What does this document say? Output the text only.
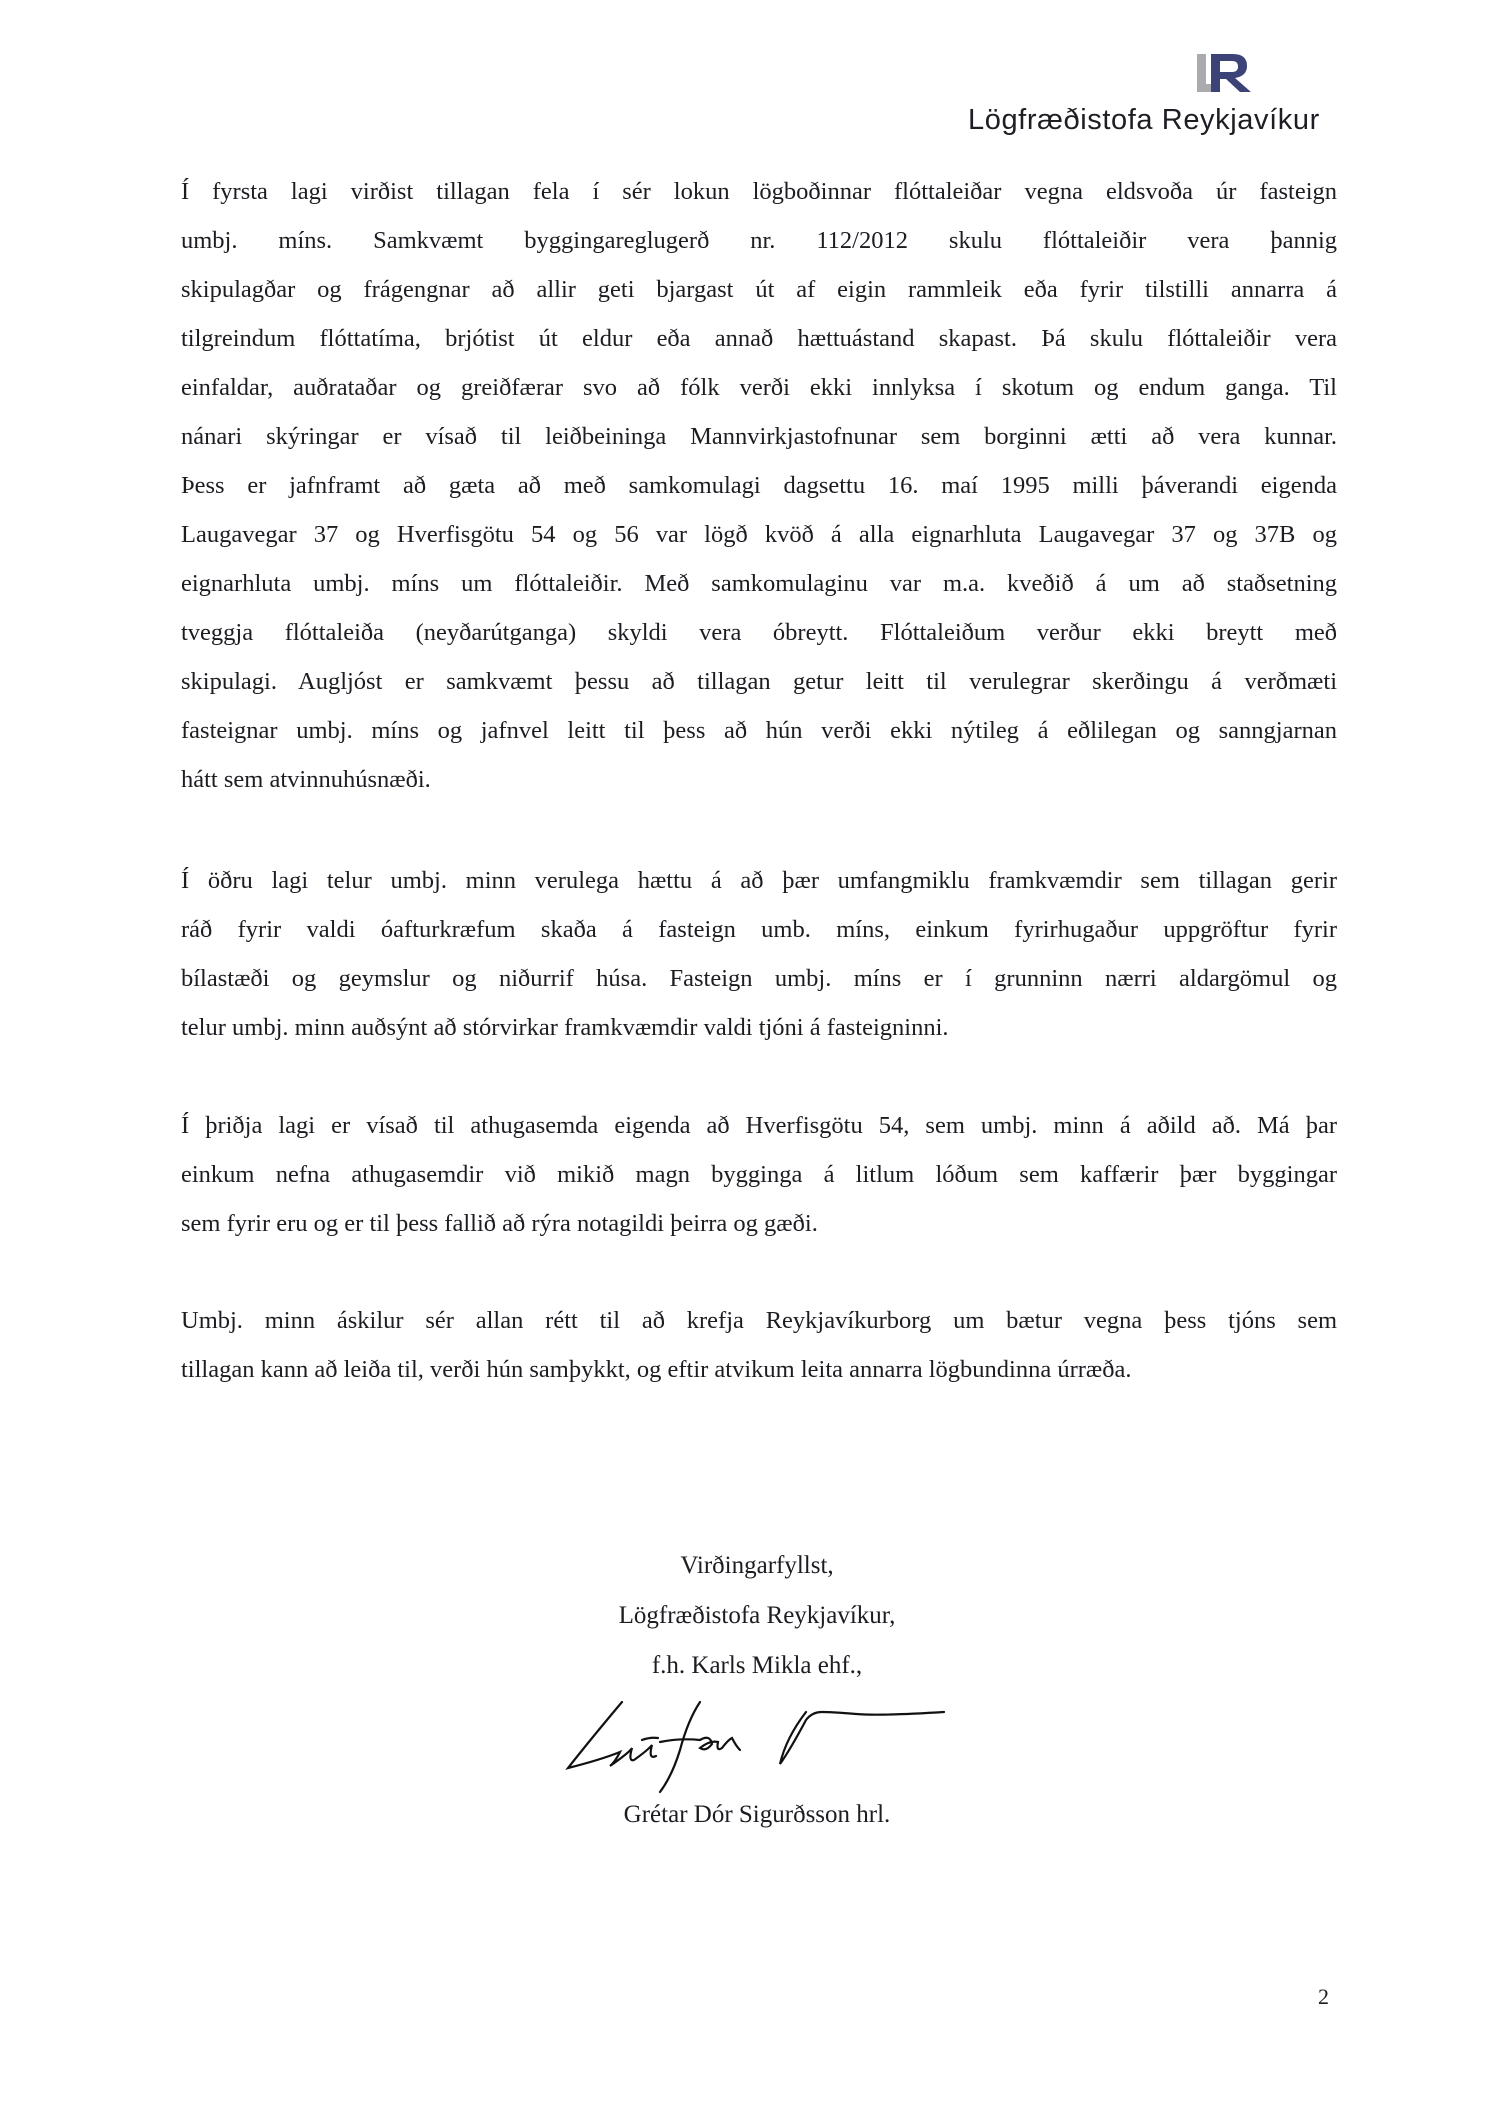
Lögfræðistofa Reykjavíkur
Í fyrsta lagi virðist tillagan fela í sér lokun lögboðinnar flóttaleiðar vegna eldsvoða úr fasteign
umbj. míns. Samkvæmt byggingareglugerð nr. 112/2012 skulu flóttaleiðir vera þannig
skipulagðar og frágengnar að allir geti bjargast út af eigin rammleik eða fyrir tilstilli annarra á
tilgreindum flóttatíma, brjótist út eldur eða annað hættuástand skapast. Þá skulu flóttaleiðir vera
einfaldar, auðrataðar og greiðfærar svo að fólk verði ekki innlyksa í skotum og endum ganga. Til
nánari skýringar er vísað til leiðbeininga Mannvirkjastofnunar sem borginni ætti að vera kunnar.
Þess er jafnframt að gæta að með samkomulagi dagsettu 16. maí 1995 milli þáverandi eigenda
Laugavegar 37 og Hverfisgötu 54 og 56 var lögð kvöð á alla eignarhluta Laugavegar 37 og 37B og
eignarhluta umbj. míns um flóttaleiðir. Með samkomulaginu var m.a. kveðið á um að staðsetning
tveggja flóttaleiða (neyðarútganga) skyldi vera óbreytt. Flóttaleiðum verður ekki breytt með
skipulagi. Augljóst er samkvæmt þessu að tillagan getur leitt til verulegrar skerðingu á verðmæti
fasteignar umbj. míns og jafnvel leitt til þess að hún verði ekki nýtileg á eðlilegan og sanngjarnan
hátt sem atvinnuhúsnæði.
Í öðru lagi telur umbj. minn verulega hættu á að þær umfangmiklu framkvæmdir sem tillagan gerir
ráð fyrir valdi óafturkræfum skaða á fasteign umb. míns, einkum fyrirhugaður uppgröftur fyrir
bílastæði og geymslur og niðurrif húsa. Fasteign umbj. míns er í grunninn nærri aldargömul og
telur umbj. minn auðsýnt að stórvirkar framkvæmdir valdi tjóni á fasteigninni.
Í þriðja lagi er vísað til athugasemda eigenda að Hverfisgötu 54, sem umbj. minn á aðild að. Má þar
einkum nefna athugasemdir við mikið magn bygginga á litlum lóðum sem kaffærir þær byggingar
sem fyrir eru og er til þess fallið að rýra notagildi þeirra og gæði.
Umbj. minn áskilur sér allan rétt til að krefja Reykjavíkurborg um bætur vegna þess tjóns sem
tillagan kann að leiða til, verði hún samþykkt, og eftir atvikum leita annarra lögbundinna úrræða.
Virðingarfyllst,
Lögfræðistofa Reykjavíkur,
f.h. Karls Mikla ehf.,
Grétar Dór Sigurðsson hrl.
2
